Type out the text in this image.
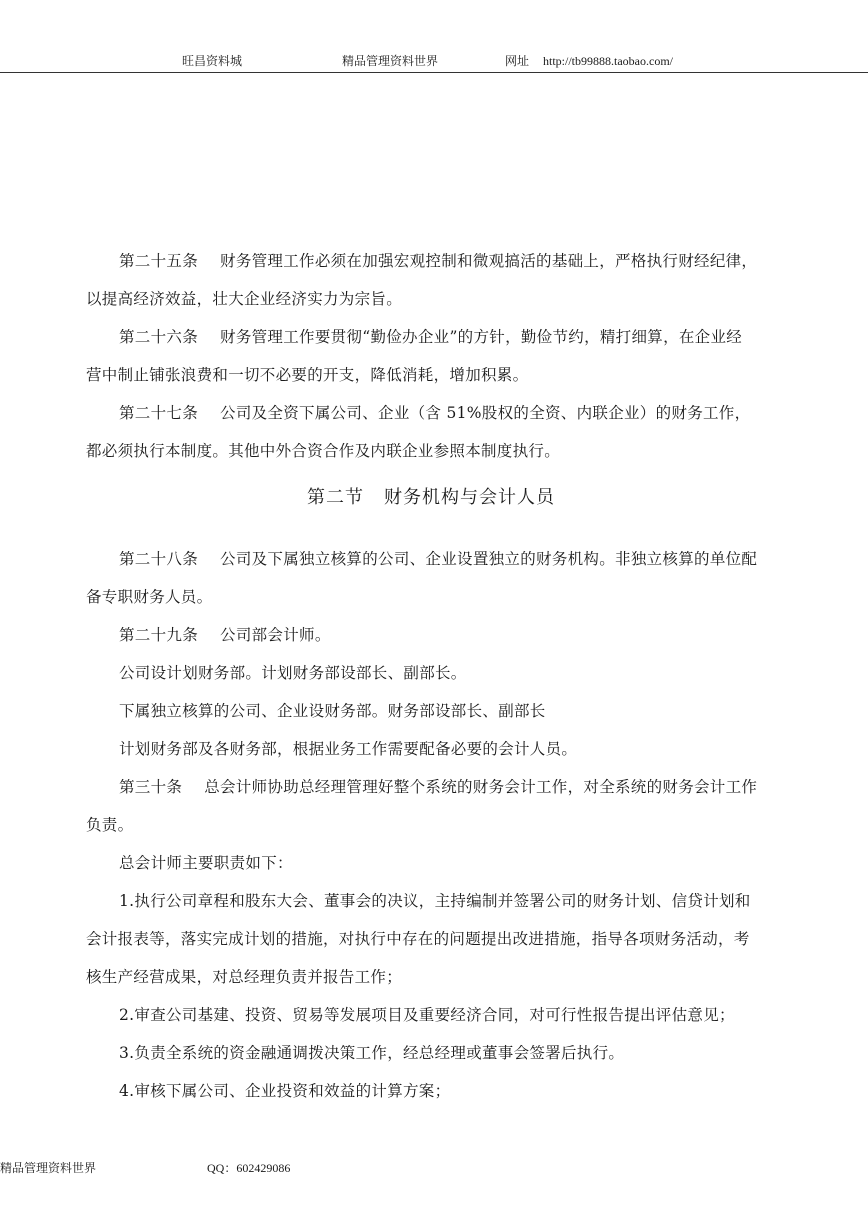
旺昌资料城	精品管理资料世界	网址 http://tb99888.taobao.com/

第二十五条 财务管理工作必须在加强宏观控制和微观搞活的基础上，严格执行财经纪律，

以提高经济效益，壮大企业经济实力为宗旨。

第二十六条 财务管理工作要贯彻“勤俭办企业”的方针，勤俭节约，精打细算，在企业经

营中制止铺张浪费和一切不必要的开支，降低消耗，增加积累。

第二十七条 公司及全资下属公司、企业（含 51%股权的全资、内联企业）的财务工作，

都必须执行本制度。其他中外合资合作及内联企业参照本制度执行。

第二节 财务机构与会计人员

第二十八条 公司及下属独立核算的公司、企业设置独立的财务机构。非独立核算的单位配

备专职财务人员。

第二十九条 公司部会计师。

公司设计划财务部。计划财务部设部长、副部长。

下属独立核算的公司、企业设财务部。财务部设部长、副部长

计划财务部及各财务部，根据业务工作需要配备必要的会计人员。

第三十条 总会计师协助总经理管理好整个系统的财务会计工作，对全系统的财务会计工作

负责。

总会计师主要职责如下：

1.执行公司章程和股东大会、董事会的决议，主持编制并签署公司的财务计划、信贷计划和

会计报表等，落实完成计划的措施，对执行中存在的问题提出改进措施，指导各项财务活动，考

核生产经营成果，对总经理负责并报告工作；

2.审查公司基建、投资、贸易等发展项目及重要经济合同，对可行性报告提出评估意见；

3.负责全系统的资金融通调拨决策工作，经总经理或董事会签署后执行。

4.审核下属公司、企业投资和效益的计算方案；

精品管理资料世界	QQ：602429086
